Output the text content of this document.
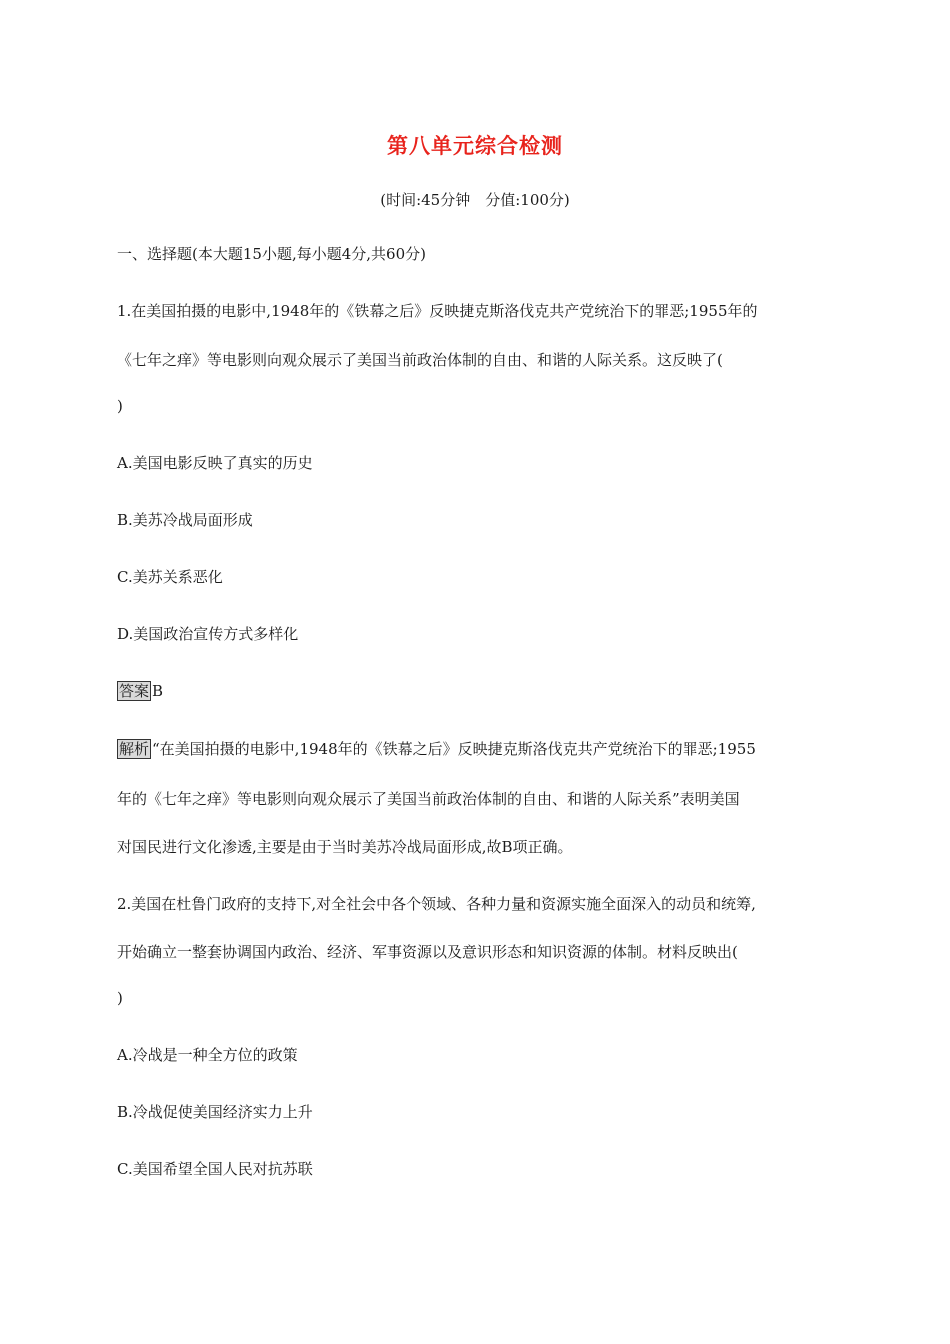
第八单元综合检测
(时间:45分钟　分值:100分)
一、选择题(本大题15小题,每小题4分,共60分)
1.在美国拍摄的电影中,1948年的《铁幕之后》反映捷克斯洛伐克共产党统治下的罪恶;1955年的
《七年之痒》等电影则向观众展示了美国当前政治体制的自由、和谐的人际关系。这反映了(
)
A.美国电影反映了真实的历史
B.美苏冷战局面形成
C.美苏关系恶化
D.美国政治宣传方式多样化
答案 B
解析 “在美国拍摄的电影中,1948年的《铁幕之后》反映捷克斯洛伐克共产党统治下的罪恶;1955
年的《七年之痒》等电影则向观众展示了美国当前政治体制的自由、和谐的人际关系”表明美国
对国民进行文化渗透,主要是由于当时美苏冷战局面形成,故B项正确。
2.美国在杜鲁门政府的支持下,对全社会中各个领域、各种力量和资源实施全面深入的动员和统筹,
开始确立一整套协调国内政治、经济、军事资源以及意识形态和知识资源的体制。材料反映出(
)
A.冷战是一种全方位的政策
B.冷战促使美国经济实力上升
C.美国希望全国人民对抗苏联
